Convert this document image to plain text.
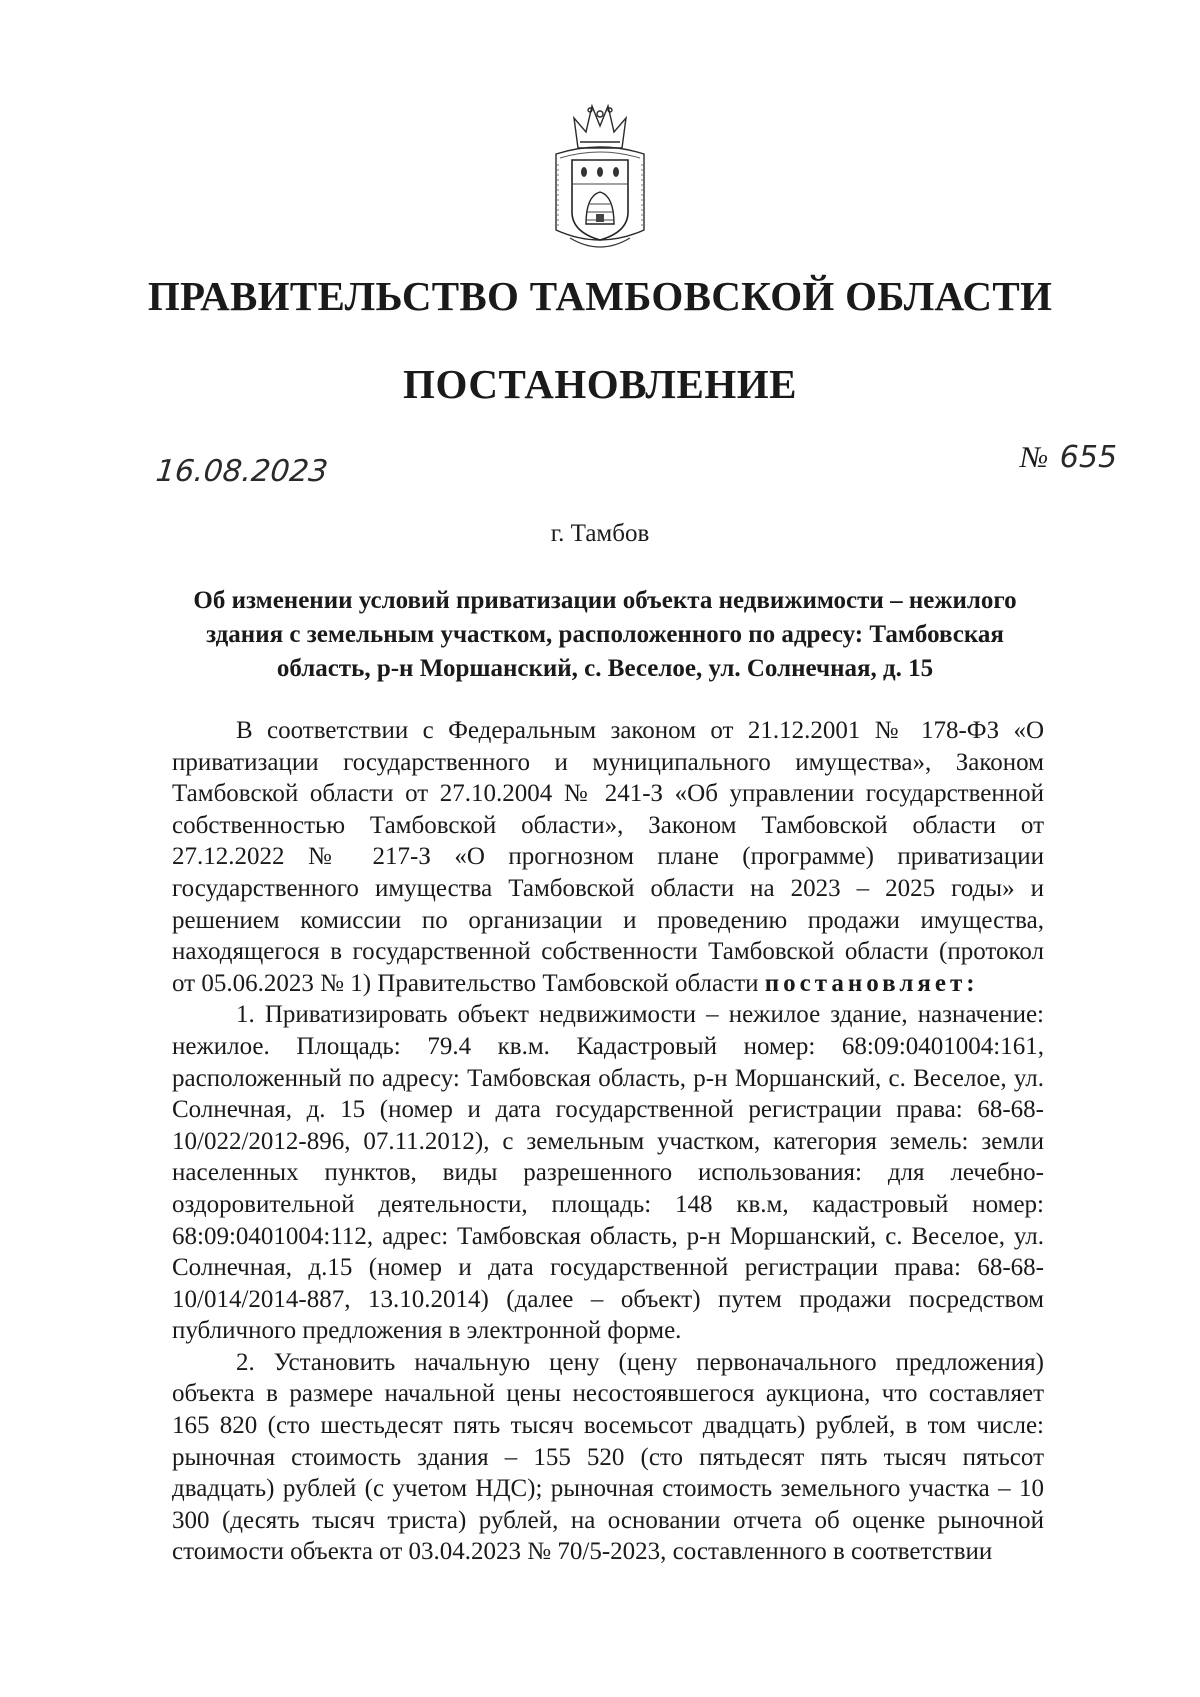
ПРАВИТЕЛЬСТВО ТАМБОВСКОЙ ОБЛАСТИ
ПОСТАНОВЛЕНИЕ
16.08.2023	№ 655
г. Тамбов
Об изменении условий приватизации объекта недвижимости – нежилого здания с земельным участком, расположенного по адресу: Тамбовская область, р-н Моршанский, с. Веселое, ул. Солнечная, д. 15

В соответствии с Федеральным законом от 21.12.2001 № 178-ФЗ «О приватизации государственного и муниципального имущества», Законом Тамбовской области от 27.10.2004 № 241-З «Об управлении государственной собственностью Тамбовской области», Законом Тамбовской области от 27.12.2022 № 217-З «О прогнозном плане (программе) приватизации государственного имущества Тамбовской области на 2023 – 2025 годы» и решением комиссии по организации и проведению продажи имущества, находящегося в государственной собственности Тамбовской области (протокол от 05.06.2023 № 1) Правительство Тамбовской области постановляет:

1. Приватизировать объект недвижимости – нежилое здание, назначение: нежилое. Площадь: 79.4 кв.м. Кадастровый номер: 68:09:0401004:161, расположенный по адресу: Тамбовская область, р-н Моршанский, с. Веселое, ул. Солнечная, д. 15 (номер и дата государственной регистрации права: 68-68-10/022/2012-896, 07.11.2012), с земельным участком, категория земель: земли населенных пунктов, виды разрешенного использования: для лечебно-оздоровительной деятельности, площадь: 148 кв.м, кадастровый номер: 68:09:0401004:112, адрес: Тамбовская область, р-н Моршанский, с. Веселое, ул. Солнечная, д.15 (номер и дата государственной регистрации права: 68-68-10/014/2014-887, 13.10.2014) (далее – объект) путем продажи посредством публичного предложения в электронной форме.

2. Установить начальную цену (цену первоначального предложения) объекта в размере начальной цены несостоявшегося аукциона, что составляет 165 820 (сто шестьдесят пять тысяч восемьсот двадцать) рублей, в том числе: рыночная стоимость здания – 155 520 (сто пятьдесят пять тысяч пятьсот двадцать) рублей (с учетом НДС); рыночная стоимость земельного участка – 10 300 (десять тысяч триста) рублей, на основании отчета об оценке рыночной стоимости объекта от 03.04.2023 № 70/5-2023, составленного в соответствии
